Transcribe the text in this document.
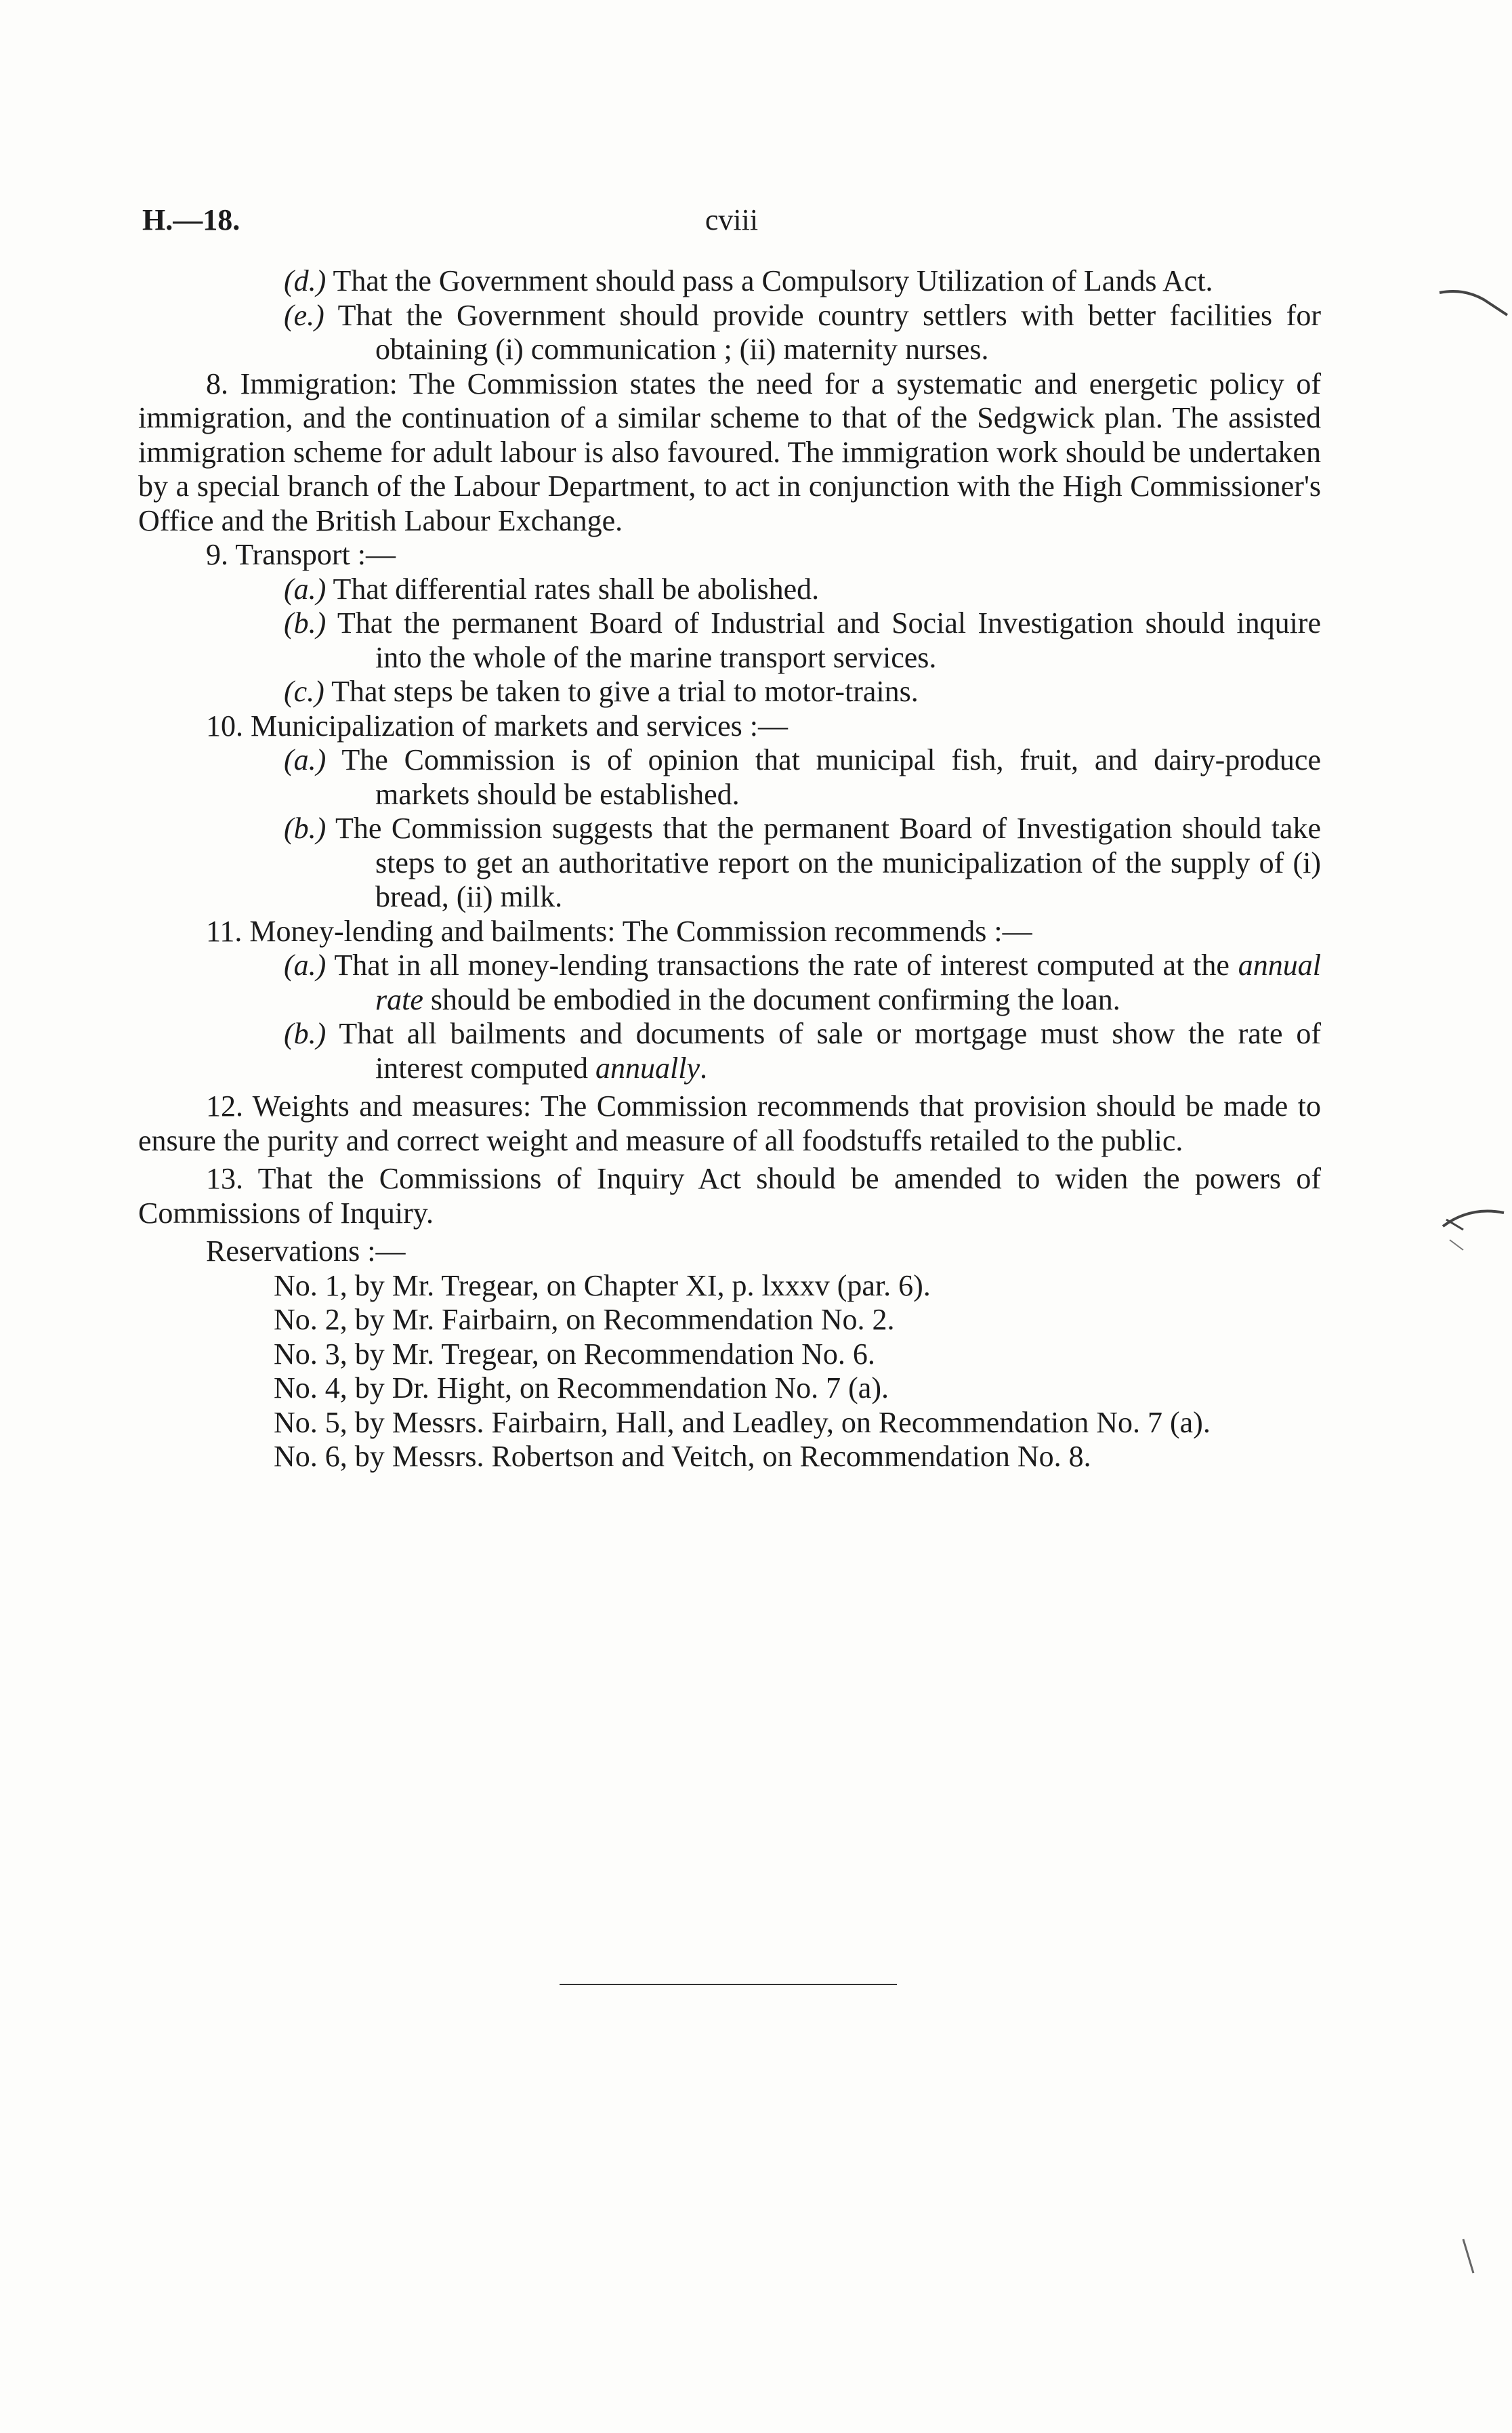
H.—18.	cviii

(d.) That the Government should pass a Compulsory Utilization of Lands Act.

(e.) That the Government should provide country settlers with better facilities for obtaining (i) communication ; (ii) maternity nurses.

8. Immigration: The Commission states the need for a systematic and energetic policy of immigration, and the continuation of a similar scheme to that of the Sedgwick plan. The assisted immigration scheme for adult labour is also favoured. The immigration work should be undertaken by a special branch of the Labour Department, to act in conjunction with the High Commissioner's Office and the British Labour Exchange.

9. Transport :—

(a.) That differential rates shall be abolished.

(b.) That the permanent Board of Industrial and Social Investigation should inquire into the whole of the marine transport services.

(c.) That steps be taken to give a trial to motor-trains.

10. Municipalization of markets and services :—

(a.) The Commission is of opinion that municipal fish, fruit, and dairy-produce markets should be established.

(b.) The Commission suggests that the permanent Board of Investigation should take steps to get an authoritative report on the municipalization of the supply of (i) bread, (ii) milk.

11. Money-lending and bailments: The Commission recommends :—

(a.) That in all money-lending transactions the rate of interest computed at the annual rate should be embodied in the document confirming the loan.

(b.) That all bailments and documents of sale or mortgage must show the rate of interest computed annually.

12. Weights and measures: The Commission recommends that provision should be made to ensure the purity and correct weight and measure of all foodstuffs retailed to the public.

13. That the Commissions of Inquiry Act should be amended to widen the powers of Commissions of Inquiry.

Reservations :—

No. 1, by Mr. Tregear, on Chapter XI, p. lxxxv (par. 6).

No. 2, by Mr. Fairbairn, on Recommendation No. 2.

No. 3, by Mr. Tregear, on Recommendation No. 6.

No. 4, by Dr. Hight, on Recommendation No. 7 (a).

No. 5, by Messrs. Fairbairn, Hall, and Leadley, on Recommendation No. 7 (a).

No. 6, by Messrs. Robertson and Veitch, on Recommendation No. 8.
